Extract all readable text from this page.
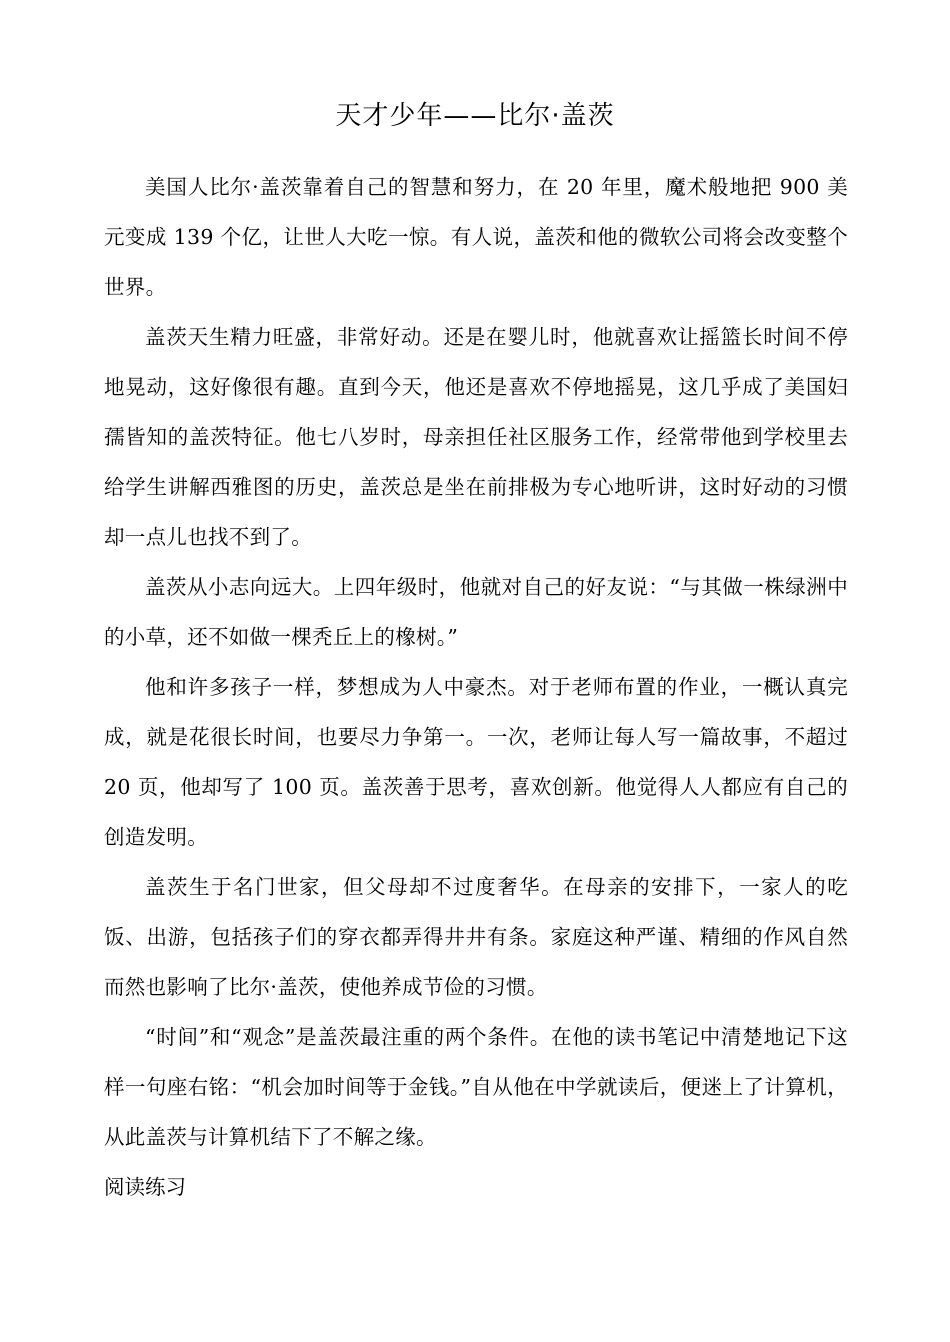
天才少年——比尔·盖茨

美国人比尔·盖茨靠着自己的智慧和努力，在 20 年里，魔术般地把 900 美元变成 139 个亿，让世人大吃一惊。有人说，盖茨和他的微软公司将会改变整个世界。

盖茨天生精力旺盛，非常好动。还是在婴儿时，他就喜欢让摇篮长时间不停地晃动，这好像很有趣。直到今天，他还是喜欢不停地摇晃，这几乎成了美国妇孺皆知的盖茨特征。他七八岁时，母亲担任社区服务工作，经常带他到学校里去给学生讲解西雅图的历史，盖茨总是坐在前排极为专心地听讲，这时好动的习惯却一点儿也找不到了。

盖茨从小志向远大。上四年级时，他就对自己的好友说：“与其做一株绿洲中的小草，还不如做一棵秃丘上的橡树。”

他和许多孩子一样，梦想成为人中豪杰。对于老师布置的作业，一概认真完成，就是花很长时间，也要尽力争第一。一次，老师让每人写一篇故事，不超过 20 页，他却写了 100 页。盖茨善于思考，喜欢创新。他觉得人人都应有自己的创造发明。

盖茨生于名门世家，但父母却不过度奢华。在母亲的安排下，一家人的吃饭、出游，包括孩子们的穿衣都弄得井井有条。家庭这种严谨、精细的作风自然而然也影响了比尔·盖茨，使他养成节俭的习惯。

“时间”和“观念”是盖茨最注重的两个条件。在他的读书笔记中清楚地记下这样一句座右铭：“机会加时间等于金钱。”自从他在中学就读后，便迷上了计算机，从此盖茨与计算机结下了不解之缘。

阅读练习
